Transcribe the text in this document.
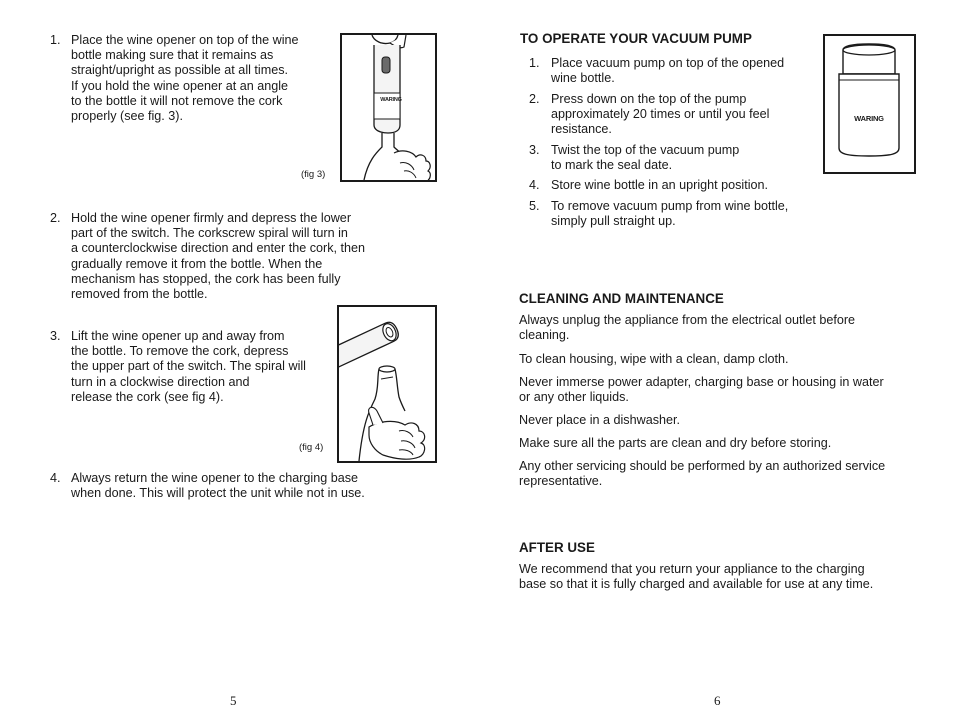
1. Place the wine opener on top of the wine
bottle making sure that it remains as
straight/upright as possible at all times.
If you hold the wine opener at an angle
to the bottle it will not remove the cork
properly (see fig. 3).
WARING
(fig 3)
2. Hold the wine opener firmly and depress the lower
part of the switch. The corkscrew spiral will turn in
a counterclockwise direction and enter the cork, then
gradually remove it from the bottle. When the
mechanism has stopped, the cork has been fully
removed from the bottle.
3. Lift the wine opener up and away from
the bottle. To remove the cork, depress
the upper part of the switch. The spiral will
turn in a clockwise direction and
release the cork (see fig 4).
(fig 4)
4. Always return the wine opener to the charging base
when done. This will protect the unit while not in use.
5
TO OPERATE YOUR VACUUM PUMP
1. Place vacuum pump on top of the opened
wine bottle.
2. Press down on the top of the pump
approximately 20 times or until you feel
resistance.
3. Twist the top of the vacuum pump
to mark the seal date.
4. Store wine bottle in an upright position.
5. To remove vacuum pump from wine bottle,
simply pull straight up.
WARING
CLEANING AND MAINTENANCE
Always unplug the appliance from the electrical outlet before
cleaning.
To clean housing, wipe with a clean, damp cloth.
Never immerse power adapter, charging base or housing in water
or any other liquids.
Never place in a dishwasher.
Make sure all the parts are clean and dry before storing.
Any other servicing should be performed by an authorized service
representative.
AFTER USE
We recommend that you return your appliance to the charging
base so that it is fully charged and available for use at any time.
6
